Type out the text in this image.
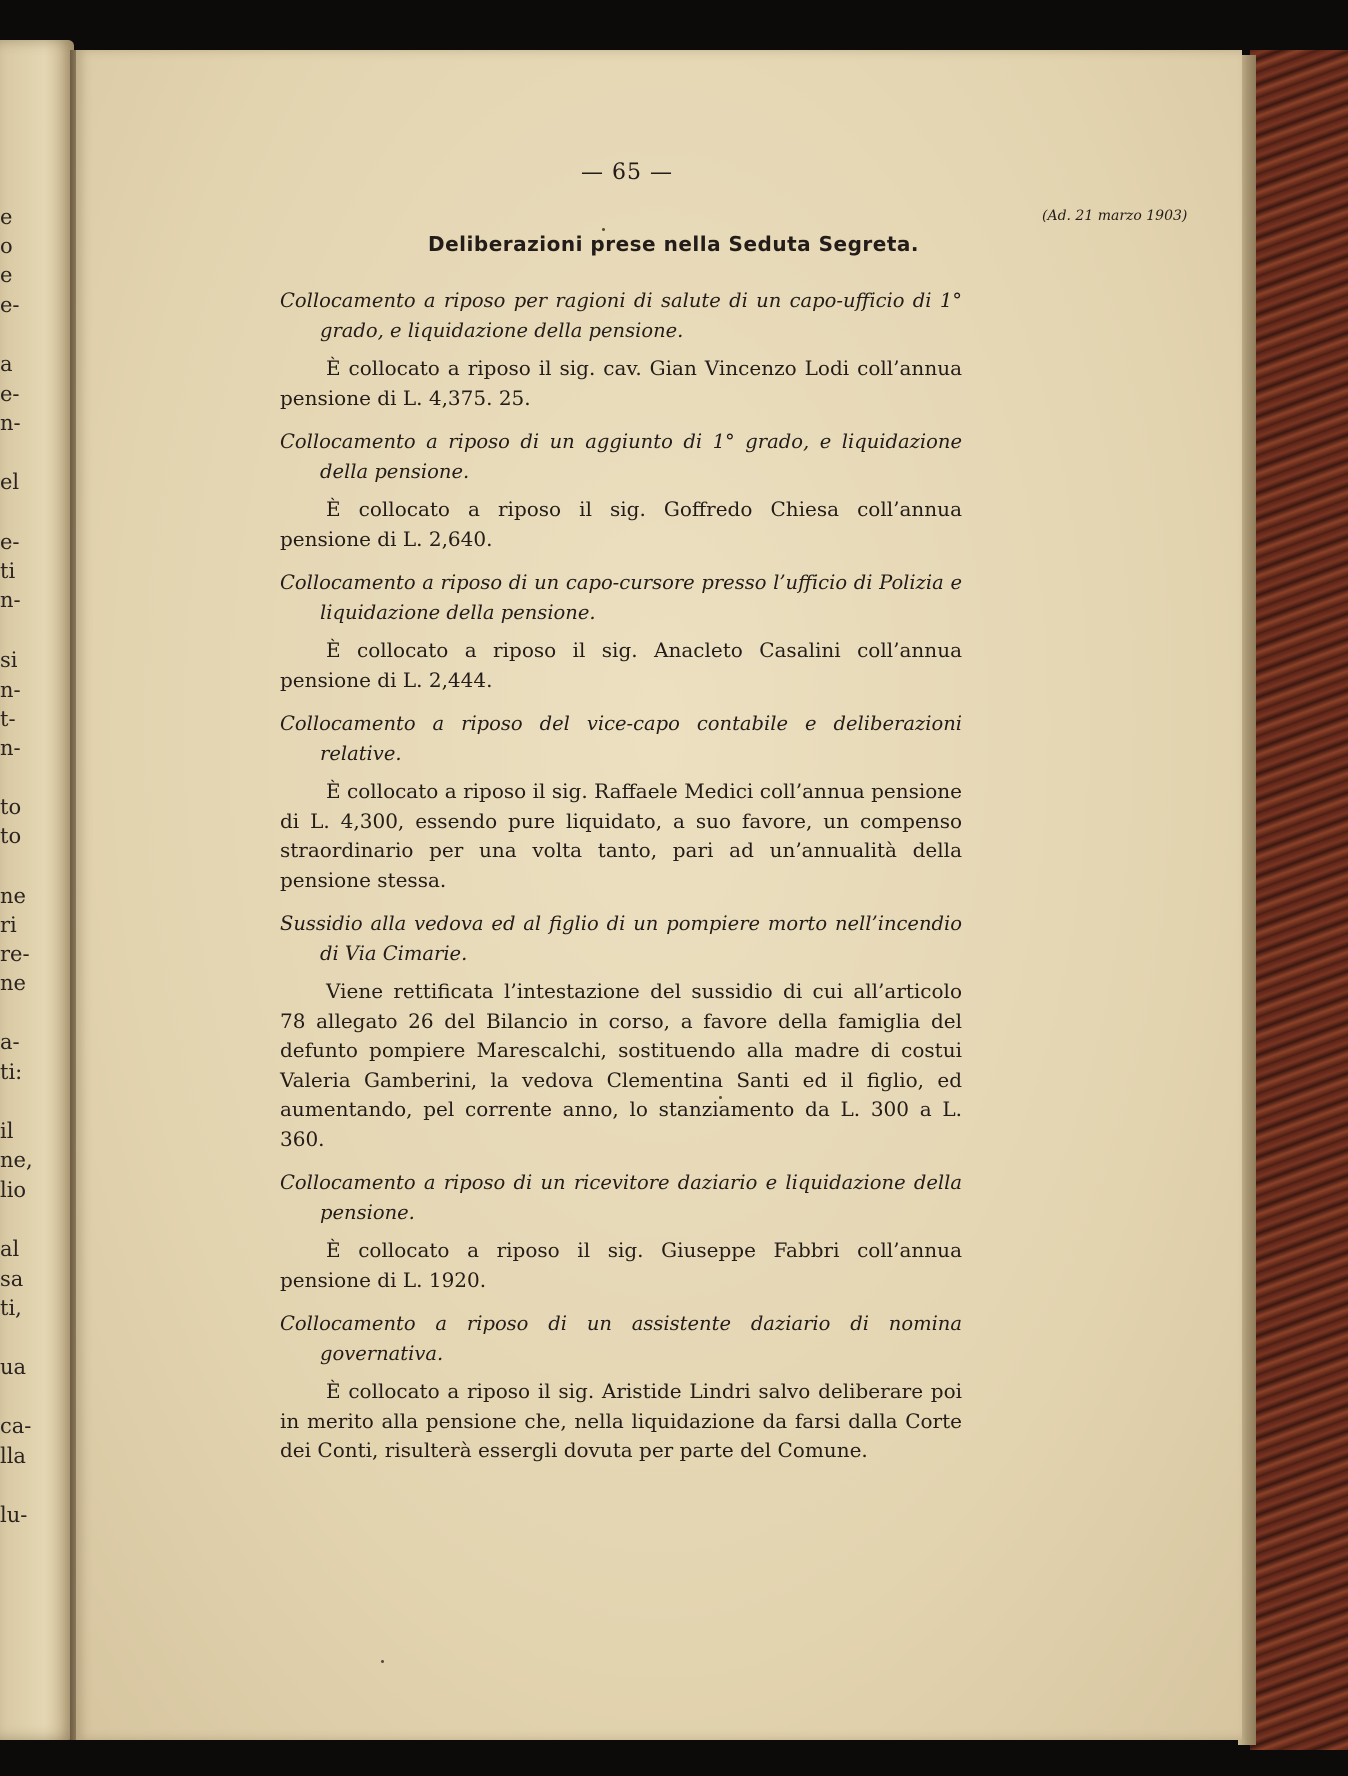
e
o
e
e-
a
e-
n-
el
e-
ti
n-
si
n-
t-
n-
to
to
ne
ri
re-
ne
a-
ti:
il
ne,
lio
al
sa
ti,
ua
ca-
lla
lu-
— 65 —
(Ad. 21 marzo 1903)
Deliberazioni prese nella Seduta Segreta.

Collocamento a riposo per ragioni di salute di un capo-ufficio di 1° grado, e liquidazione della pensione.

È collocato a riposo il sig. cav. Gian Vincenzo Lodi coll’annua pensione di L. 4,375. 25.

Collocamento a riposo di un aggiunto di 1° grado, e liquidazione della pensione.

È collocato a riposo il sig. Goffredo Chiesa coll’annua pensione di L. 2,640.

Collocamento a riposo di un capo-cursore presso l’ufficio di Polizia e liquidazione della pensione.

È collocato a riposo il sig. Anacleto Casalini coll’annua pensione di L. 2,444.

Collocamento a riposo del vice-capo contabile e deliberazioni relative.

È collocato a riposo il sig. Raffaele Medici coll’annua pensione di L. 4,300, essendo pure liquidato, a suo favore, un compenso straordinario per una volta tanto, pari ad un’annualità della pensione stessa.

Sussidio alla vedova ed al figlio di un pompiere morto nell’incendio di Via Cimarie.

Viene rettificata l’intestazione del sussidio di cui all’articolo 78 allegato 26 del Bilancio in corso, a favore della famiglia del defunto pompiere Marescalchi, sostituendo alla madre di costui Valeria Gamberini, la vedova Clementina Santi ed il figlio, ed aumentando, pel corrente anno, lo stanziamento da L. 300 a L. 360.

Collocamento a riposo di un ricevitore daziario e liquidazione della pensione.

È collocato a riposo il sig. Giuseppe Fabbri coll’annua pensione di L. 1920.

Collocamento a riposo di un assistente daziario di nomina governativa.

È collocato a riposo il sig. Aristide Lindri salvo deliberare poi in merito alla pensione che, nella liquidazione da farsi dalla Corte dei Conti, risulterà essergli dovuta per parte del Comune.
